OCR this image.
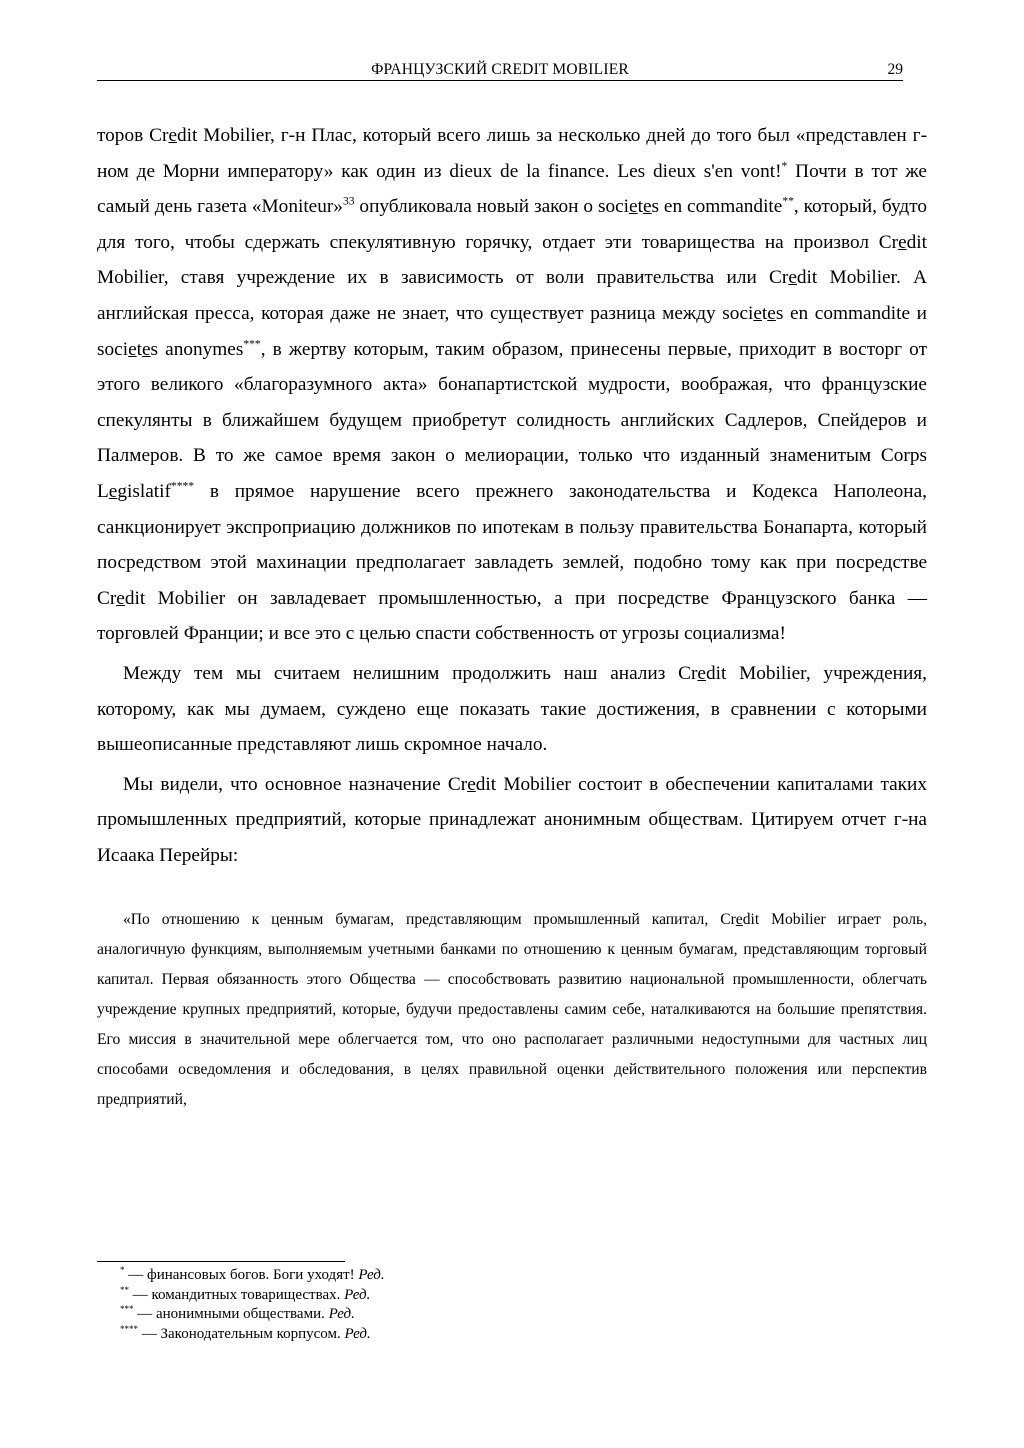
ФРАНЦУЗСКИЙ CREDIT MOBILIER	29

торов Credit Mobilier, г-н Плас, который всего лишь за несколько дней до того был «представлен г-ном де Морни императору» как один из dieux de la finance. Les dieux s'en vont!* Почти в тот же самый день газета «Moniteur»$^{33}$ опубликовала новый закон о societes en commandite**, который, будто для того, чтобы сдержать спекулятивную горячку, отдает эти товарищества на произвол Credit Mobilier, ставя учреждение их в зависимость от воли правительства или Credit Mobilier. А английская пресса, которая даже не знает, что существует разница между societes en commandite и societes anonymes***, в жертву которым, таким образом, принесены первые, приходит в восторг от этого великого «благоразумного акта» бонапартистской мудрости, воображая, что французские спекулянты в ближайшем будущем приобретут солидность английских Садлеров, Спейдеров и Палмеров. В то же самое время закон о мелиорации, только что изданный знаменитым Corps Legislatif**** в прямое нарушение всего прежнего законодательства и Кодекса Наполеона, санкционирует экспроприацию должников по ипотекам в пользу правительства Бонапарта, который посредством этой махинации предполагает завладеть землей, подобно тому как при посредстве Credit Mobilier он завладевает промышленностью, а при посредстве Французского банка — торговлей Франции; и все это с целью спасти собственность от угрозы социализма!

Между тем мы считаем нелишним продолжить наш анализ Credit Mobilier, учреждения, которому, как мы думаем, суждено еще показать такие достижения, в сравнении с которыми вышеописанные представляют лишь скромное начало.

Мы видели, что основное назначение Credit Mobilier состоит в обеспечении капиталами таких промышленных предприятий, которые принадлежат анонимным обществам. Цитируем отчет г-на Исаака Перейры:

«По отношению к ценным бумагам, представляющим промышленный капитал, Credit Mobilier играет роль, аналогичную функциям, выполняемым учетными банками по отношению к ценным бумагам, представляющим торговый капитал. Первая обязанность этого Общества — способствовать развитию национальной промышленности, облегчать учреждение крупных предприятий, которые, будучи предоставлены самим себе, наталкиваются на большие препятствия. Его миссия в значительной мере облегчается том, что оно располагает различными недоступными для частных лиц способами осведомления и обследования, в целях правильной оценки действительного положения или перспектив предприятий,

* — финансовых богов. Боги уходят! Ред.
** — командитных товариществах. Ред.
*** — анонимными обществами. Ред.
**** — Законодательным корпусом. Ред.
